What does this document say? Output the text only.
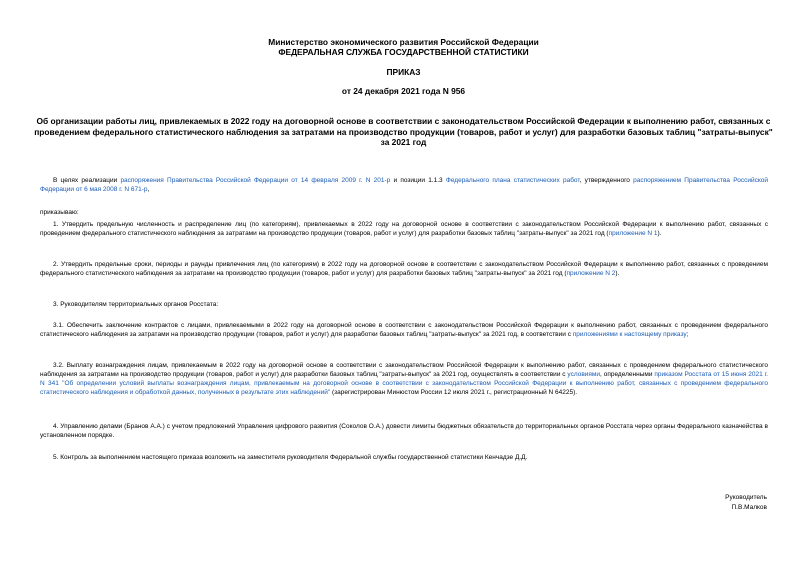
Министерство экономического развития Российской Федерации
ФЕДЕРАЛЬНАЯ СЛУЖБА ГОСУДАРСТВЕННОЙ СТАТИСТИКИ
ПРИКАЗ
от 24 декабря 2021 года N 956
Об организации работы лиц, привлекаемых в 2022 году на договорной основе в соответствии с законодательством Российской Федерации к выполнению работ, связанных с проведением федерального статистического наблюдения за затратами на производство продукции (товаров, работ и услуг) для разработки базовых таблиц "затраты-выпуск" за 2021 год
В целях реализации распоряжения Правительства Российской Федерации от 14 февраля 2009 г. N 201-р и позиции 1.1.3 Федерального плана статистических работ, утвержденного распоряжением Правительства Российской Федерации от 6 мая 2008 г. N 671-р,
приказываю:
1. Утвердить предельную численность и распределение лиц (по категориям), привлекаемых в 2022 году на договорной основе в соответствии с законодательством Российской Федерации к выполнению работ, связанных с проведением федерального статистического наблюдения за затратами на производство продукции (товаров, работ и услуг) для разработки базовых таблиц "затраты-выпуск" за 2021 год (приложение N 1).
2. Утвердить предельные сроки, периоды и раунды привлечения лиц (по категориям) в 2022 году на договорной основе в соответствии с законодательством Российской Федерации к выполнению работ, связанных с проведением федерального статистического наблюдения за затратами на производство продукции (товаров, работ и услуг) для разработки базовых таблиц "затраты-выпуск" за 2021 год (приложение N 2).
3. Руководителям территориальных органов Росстата:
3.1. Обеспечить заключение контрактов с лицами, привлекаемыми в 2022 году на договорной основе в соответствии с законодательством Российской Федерации к выполнению работ, связанных с проведением федерального статистического наблюдения за затратами на производство продукции (товаров, работ и услуг) для разработки базовых таблиц "затраты-выпуск" за 2021 год, в соответствии с приложениями к настоящему приказу;
3.2. Выплату вознаграждения лицам, привлекаемым в 2022 году на договорной основе в соответствии с законодательством Российской Федерации к выполнению работ, связанных с проведением федерального статистического наблюдения за затратами на производство продукции (товаров, работ и услуг) для разработки базовых таблиц "затраты-выпуск" за 2021 год, осуществлять в соответствии с условиями, определенными приказом Росстата от 15 июня 2021 г. N 341 "Об определении условий выплаты вознаграждения лицам, привлекаемым на договорной основе в соответствии с законодательством Российской Федерации к выполнению работ, связанных с проведением федерального статистического наблюдения и обработкой данных, полученных в результате этих наблюдений" (зарегистрирован Минюстом России 12 июля 2021 г., регистрационный N 64225).
4. Управлению делами (Бранов А.А.) с учетом предложений Управления цифрового развития (Соколов О.А.) довести лимиты бюджетных обязательств до территориальных органов Росстата через органы Федерального казначейства в установленном порядке.
5. Контроль за выполнением настоящего приказа возложить на заместителя руководителя Федеральной службы государственной статистики Кенчадзе Д.Д.
Руководитель
П.В.Малков
